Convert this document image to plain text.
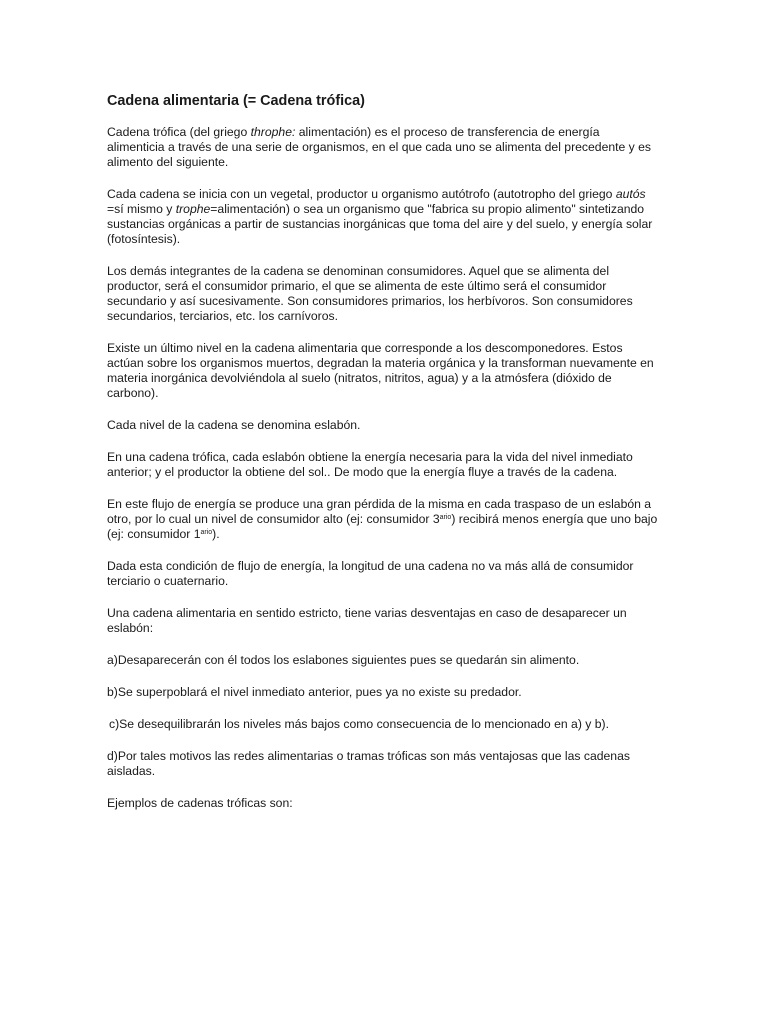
Cadena alimentaria (= Cadena trófica)

Cadena trófica (del griego throphe: alimentación) es el proceso de transferencia de energía alimenticia a través de una serie de organismos, en el que cada uno se alimenta del precedente y es alimento del siguiente.

Cada cadena se inicia con un vegetal, productor u organismo autótrofo (autotropho del griego autós =sí mismo y trophe=alimentación) o sea un organismo que "fabrica su propio alimento" sintetizando sustancias orgánicas a partir de sustancias inorgánicas que toma del aire y del suelo, y energía solar (fotosíntesis).

Los demás integrantes de la cadena se denominan consumidores. Aquel que se alimenta del productor, será el consumidor primario, el que se alimenta de este último será el consumidor secundario y así sucesivamente. Son consumidores primarios, los herbívoros. Son consumidores secundarios, terciarios, etc. los carnívoros.

Existe un último nivel en la cadena alimentaria que corresponde a los descomponedores. Estos actúan sobre los organismos muertos, degradan la materia orgánica y la transforman nuevamente en materia inorgánica devolviéndola al suelo (nitratos, nitritos, agua) y a la atmósfera (dióxido de carbono).

Cada nivel de la cadena se denomina eslabón.

En una cadena trófica, cada eslabón obtiene la energía necesaria para la vida del nivel inmediato anterior; y el productor la obtiene del sol.. De modo que la energía fluye a través de la cadena.

En este flujo de energía se produce una gran pérdida de la misma en cada traspaso de un eslabón a otro, por lo cual un nivel de consumidor alto (ej: consumidor $3^{ario}$) recibirá menos energía que uno bajo (ej: consumidor $1^{ario}$).

Dada esta condición de flujo de energía, la longitud de una cadena no va más allá de consumidor terciario o cuaternario.

Una cadena alimentaria en sentido estricto, tiene varias desventajas en caso de desaparecer un eslabón:

a)Desaparecerán con él todos los eslabones siguientes pues se quedarán sin alimento.

b)Se superpoblará el nivel inmediato anterior, pues ya no existe su predador.

c)Se desequilibrarán los niveles más bajos como consecuencia de lo mencionado en a) y b).

d)Por tales motivos las redes alimentarias o tramas tróficas son más ventajosas que las cadenas aisladas.

Ejemplos de cadenas tróficas son:
